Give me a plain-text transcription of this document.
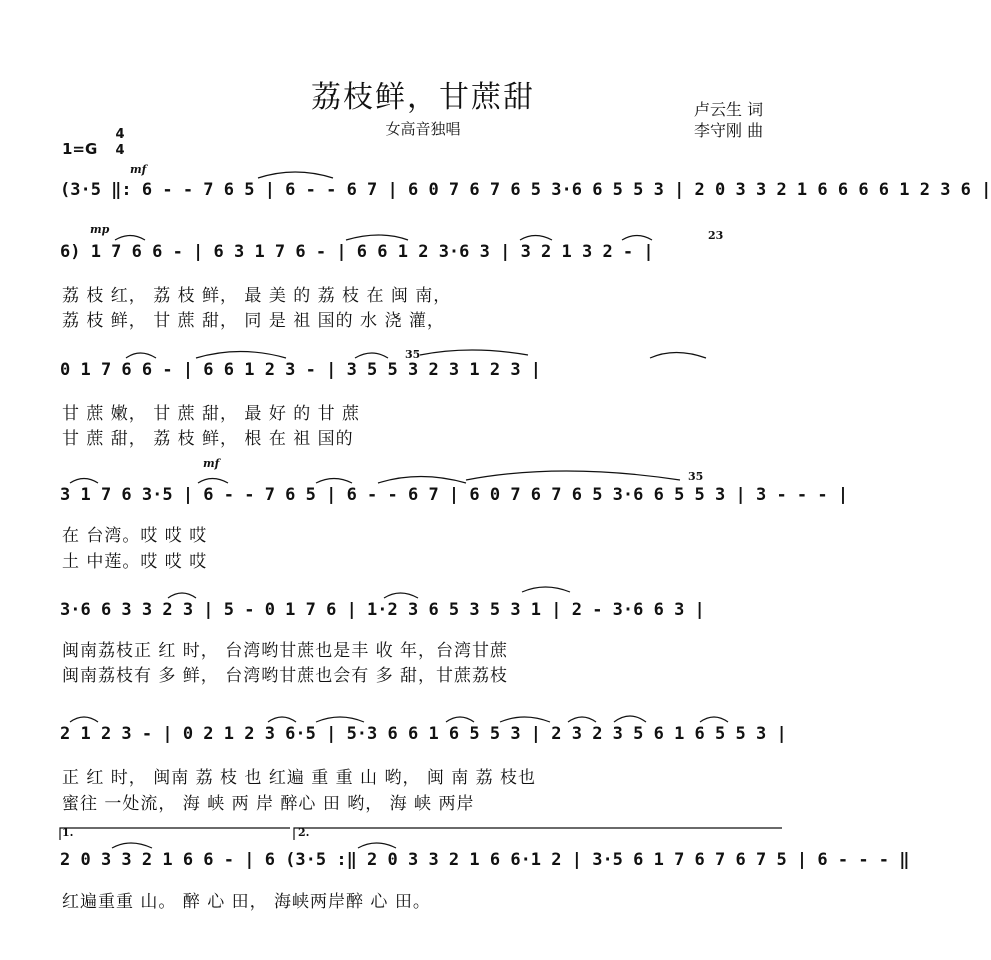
荔枝鲜，甘蔗甜
女高音独唱
卢云生 词
李守刚 曲
1=G
4
4
mf
mp
mf
23
35
35
(3·5 ‖: 6 - - 7 6 5 | 6 - - 6 7 | 6 0 7 6 7 6 5 3·6 6 5 5 3 | 2 0 3 3 2 1 6 6 6 6 1 2 3 6 |
6) 1 7 6 6 - | 6 3 1 7 6 - | 6 6 1 2 3·6 3 | 3 2 1 3 2 - |
荔 枝 红， 荔 枝 鲜， 最 美 的 荔 枝 在 闽 南，
荔 枝 鲜， 甘 蔗 甜， 同 是 祖 国的 水 浇 灌，
0 1 7 6 6 - | 6 6 1 2 3 - | 3 5 5 3 2 3 1 2 3 |
甘 蔗 嫩， 甘 蔗 甜， 最 好 的 甘 蔗
甘 蔗 甜， 荔 枝 鲜， 根 在 祖 国的
3 1 7 6 3·5 | 6 - - 7 6 5 | 6 - - 6 7 | 6 0 7 6 7 6 5 3·6 6 5 5 3 | 3 - - - |
在 台湾。哎 哎 哎
土 中莲。哎 哎 哎
3·6 6 3 3 2 3 | 5 - 0 1 7 6 | 1·2 3 6 5 3 5 3 1 | 2 - 3·6 6 3 |
闽南荔枝正 红 时， 台湾哟甘蔗也是丰 收 年，台湾甘蔗
闽南荔枝有 多 鲜， 台湾哟甘蔗也会有 多 甜，甘蔗荔枝
2 1 2 3 - | 0 2 1 2 3 6·5 | 5·3 6 6 1 6 5 5 3 | 2 3 2 3 5 6 1 6 5 5 3 |
正 红 时， 闽南 荔 枝 也 红遍 重 重 山 哟， 闽 南 荔 枝也
蜜往 一处流， 海 峡 两 岸 醉心 田 哟， 海 峡 两岸
1.	2.
2 0 3 3 2 1 6 6 - | 6 (3·5 :‖ 2 0 3 3 2 1 6 6·1 2 | 3·5 6 1 7 6 7 6 7 5 | 6 - - - ‖
红遍重重 山。 醉 心 田， 海峡两岸醉 心 田。
